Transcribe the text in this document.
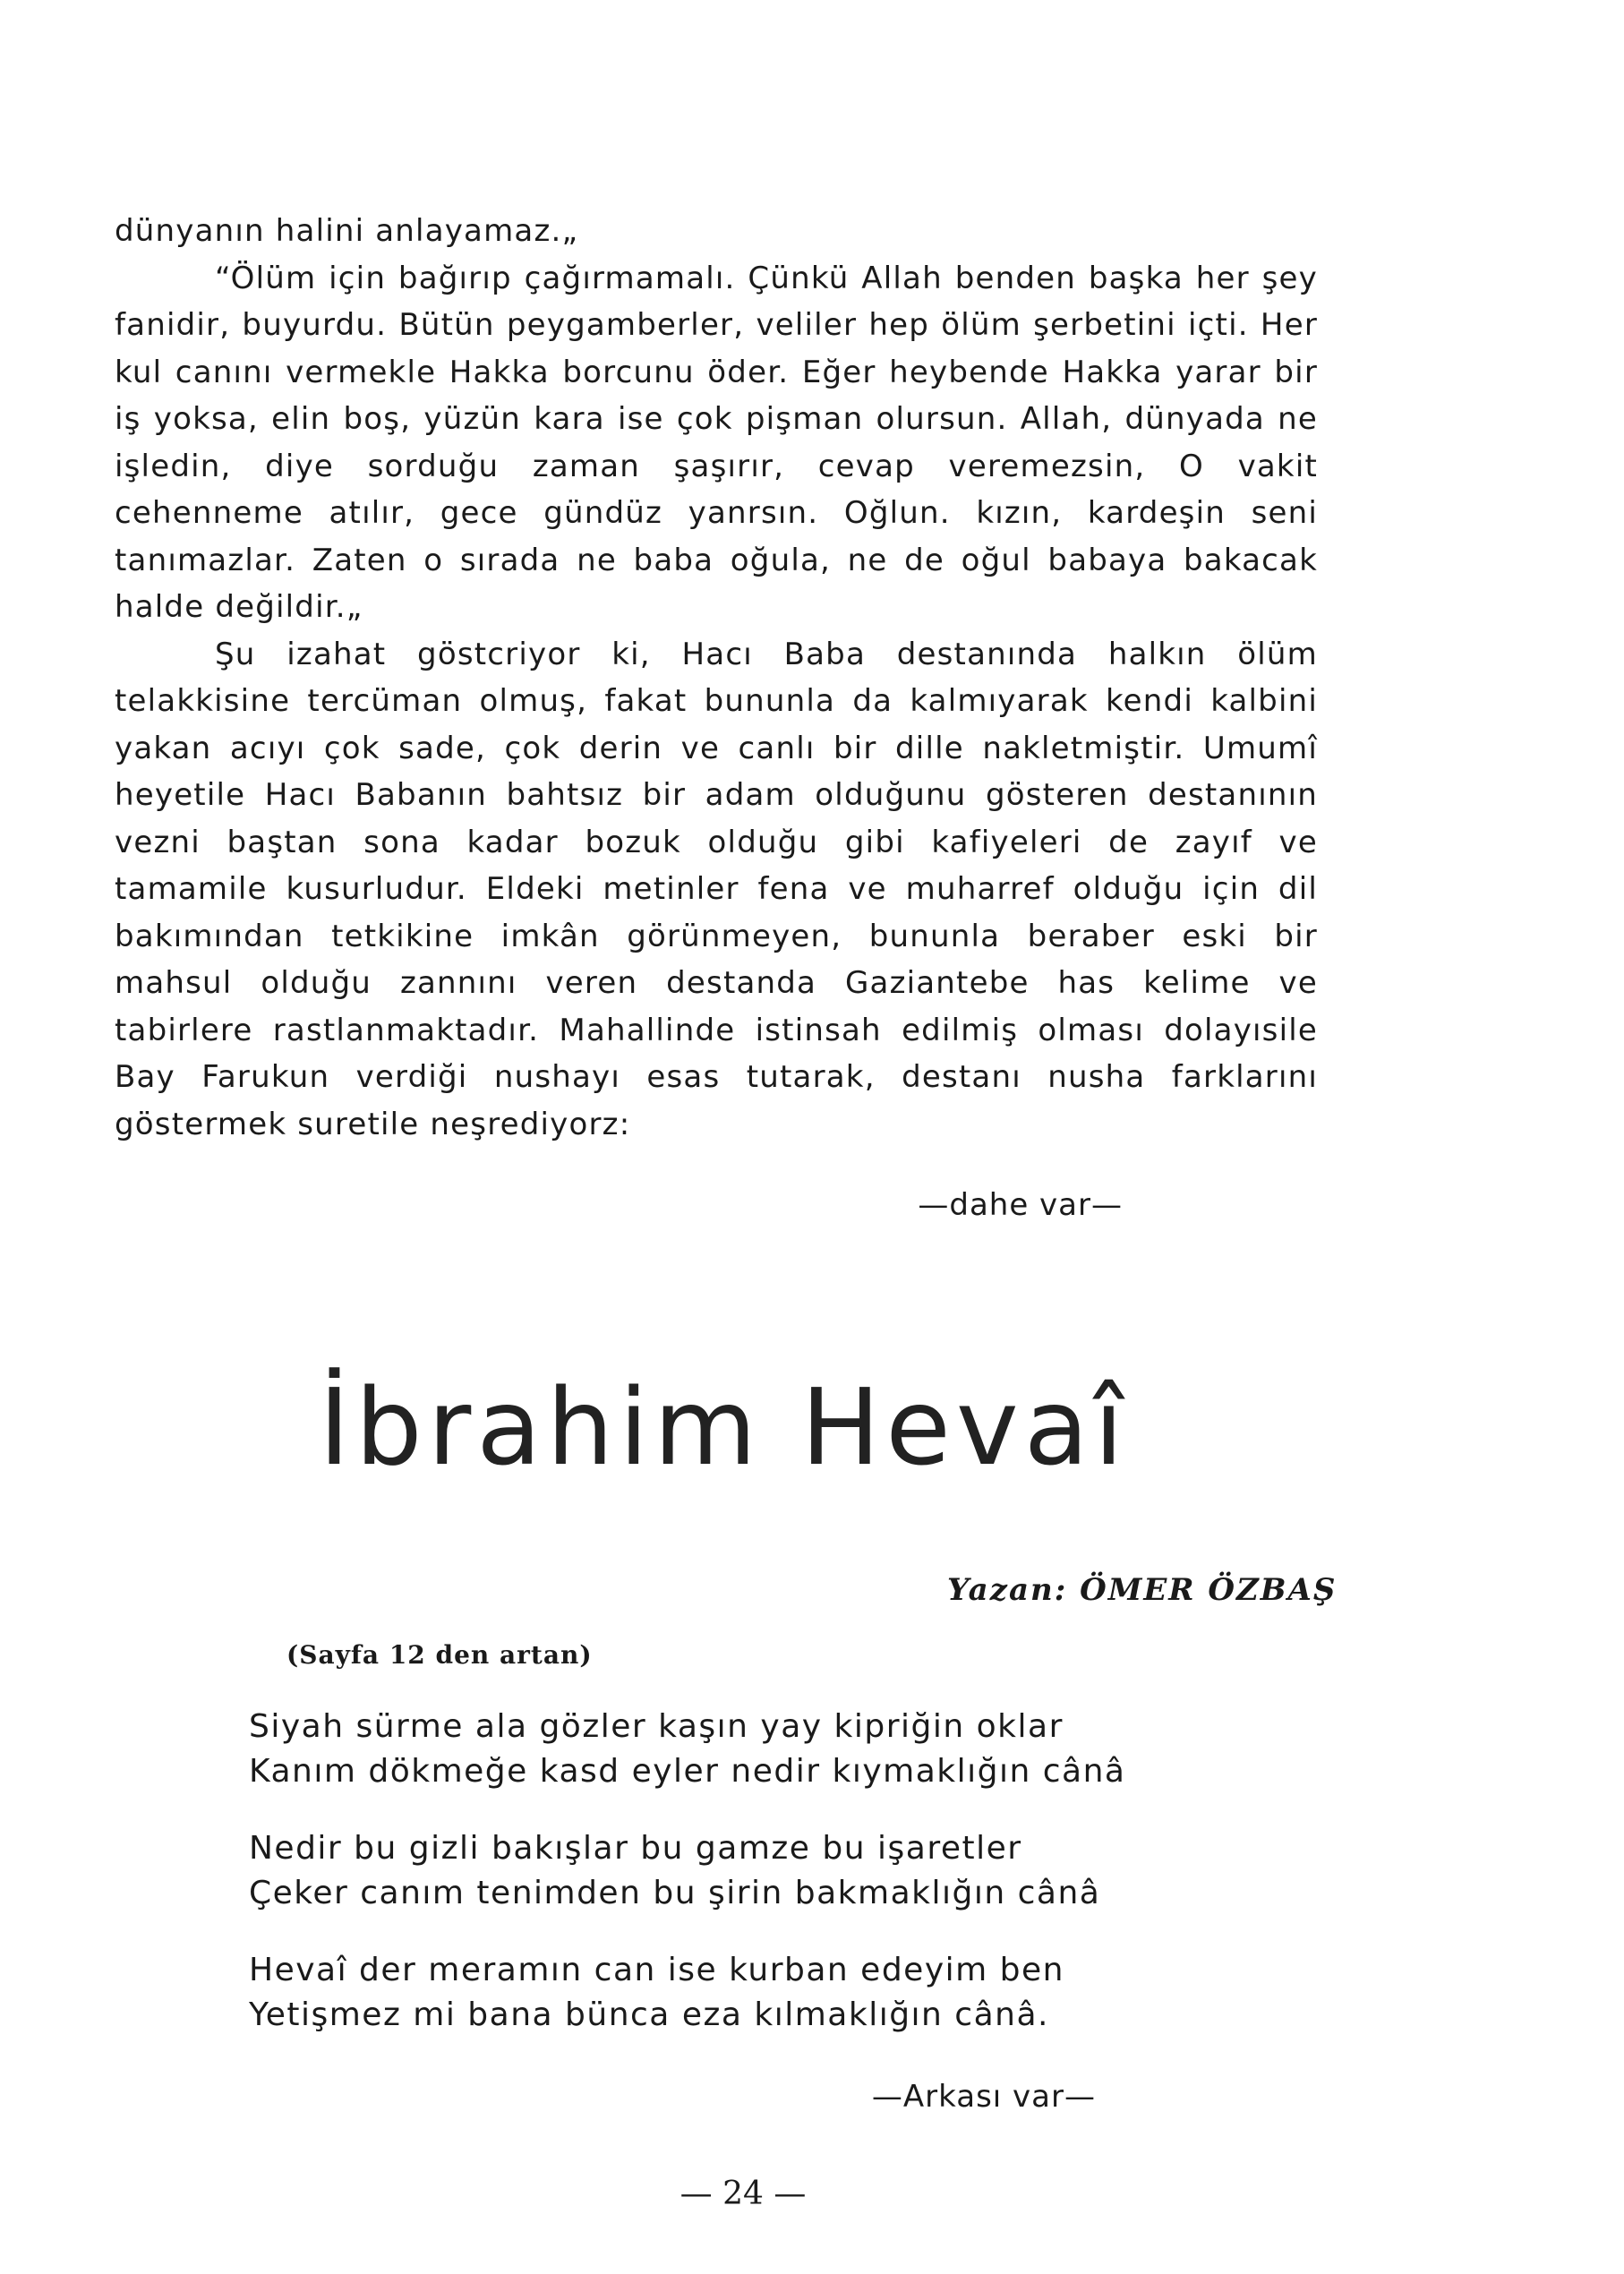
dünyanın halini anlayamaz.„

“Ölüm için bağırıp çağırmamalı. Çünkü Allah benden başka her şey fanidir, buyurdu. Bütün peygamberler, veliler hep ölüm şerbetini içti. Her kul canını vermekle Hakka borcunu öder. Eğer heybende Hakka yarar bir iş yoksa, elin boş, yüzün kara ise çok pişman olursun. Allah, dünyada ne işledin, diye sorduğu zaman şaşırır, cevap veremezsin, O vakit cehenneme atılır, gece gündüz yanrsın. Oğlun. kızın, kardeşin seni tanımazlar. Zaten o sırada ne baba oğula, ne de oğul babaya bakacak halde değildir.„

Şu izahat göstcriyor ki, Hacı Baba destanında halkın ölüm telakkisine tercüman olmuş, fakat bununla da kalmıyarak kendi kalbini yakan acıyı çok sade, çok derin ve canlı bir dille nakletmiştir. Umumî heyetile Hacı Babanın bahtsız bir adam olduğunu gösteren destanının vezni baştan sona kadar bozuk olduğu gibi kafiyeleri de zayıf ve tamamile kusurludur. Eldeki metinler fena ve muharref olduğu için dil bakımından tetkikine imkân görünmeyen, bununla beraber eski bir mahsul olduğu zannını veren destanda Gaziantebe has kelime ve tabirlere rastlanmaktadır. Mahallinde istinsah edilmiş olması dolayısile Bay Farukun verdiği nushayı esas tutarak, destanı nusha farklarını göstermek suretile neşrediyorz:

—dahe var—
İbrahim Hevaî
Yazan: ÖMER ÖZBAŞ
(Sayfa 12 den artan)
Siyah sürme ala gözler kaşın yay kipriğin oklar
Kanım dökmeğe kasd eyler nedir kıymaklığın cânâ
Nedir bu gizli bakışlar bu gamze bu işaretler
Çeker canım tenimden bu şirin bakmaklığın cânâ
Hevaî der meramın can ise kurban edeyim ben
Yetişmez mi bana bünca eza kılmaklığın cânâ.
—Arkası var—
— 24 —
